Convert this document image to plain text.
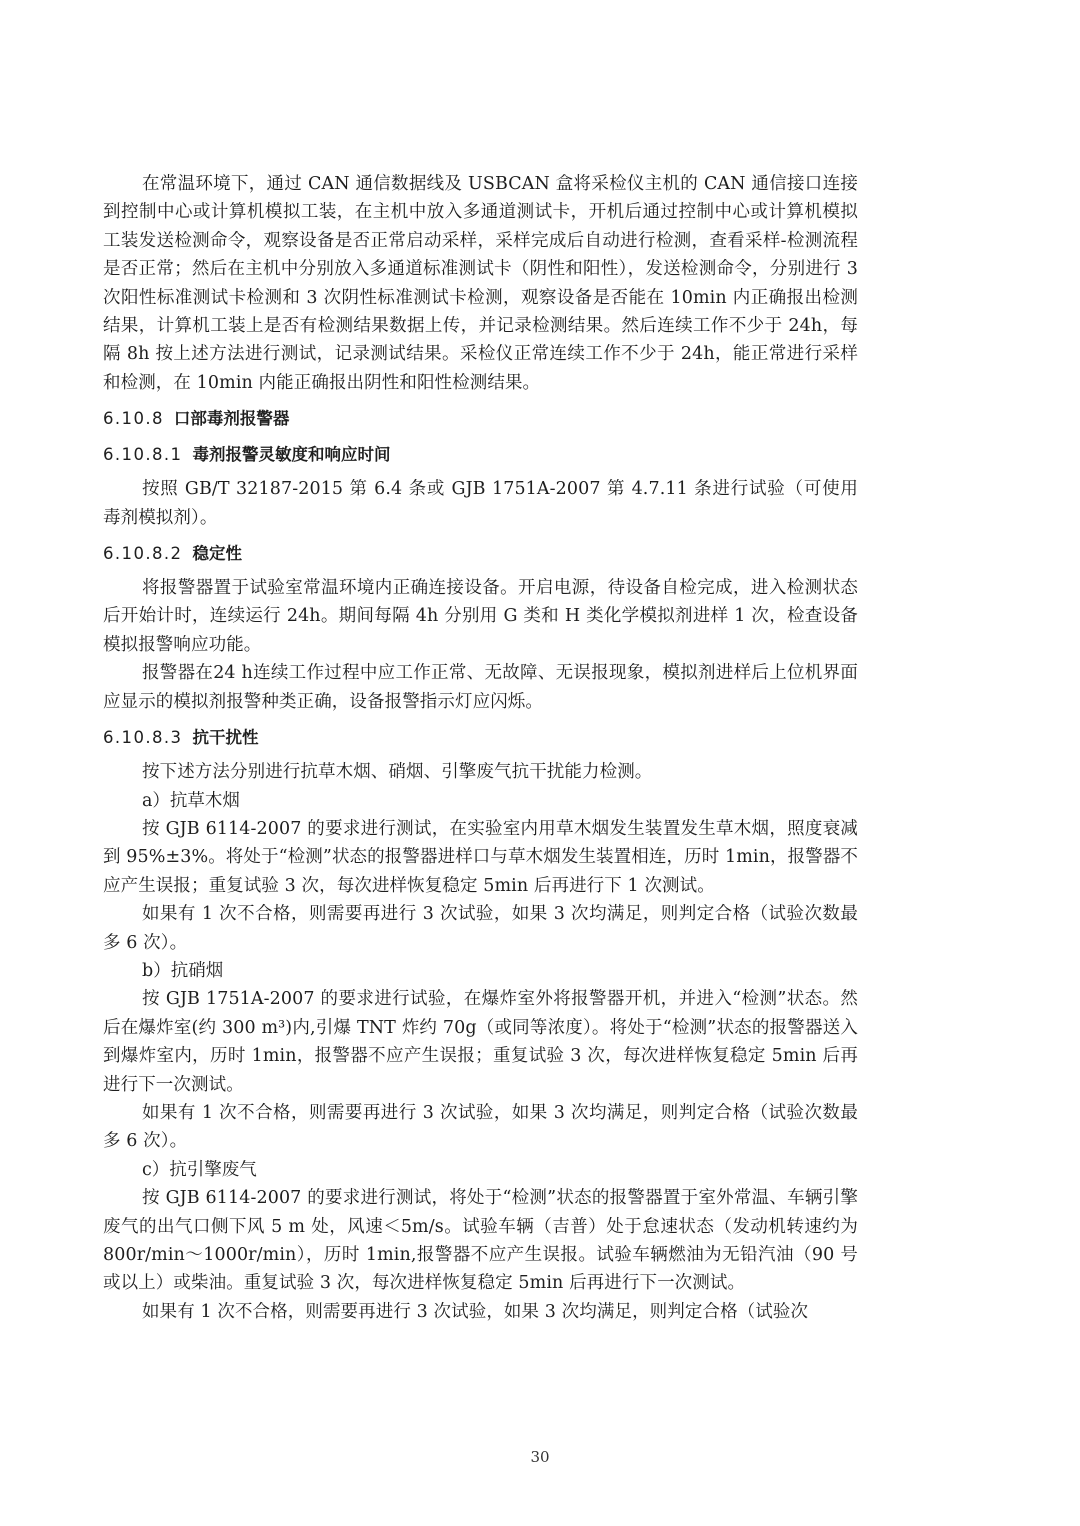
在常温环境下，通过 CAN 通信数据线及 USBCAN 盒将采检仪主机的 CAN 通信接口连接到控制中心或计算机模拟工装，在主机中放入多通道测试卡，开机后通过控制中心或计算机模拟工装发送检测命令，观察设备是否正常启动采样，采样完成后自动进行检测，查看采样-检测流程是否正常；然后在主机中分别放入多通道标准测试卡（阴性和阳性），发送检测命令，分别进行 3 次阳性标准测试卡检测和 3 次阴性标准测试卡检测，观察设备是否能在 10min 内正确报出检测结果，计算机工装上是否有检测结果数据上传，并记录检测结果。然后连续工作不少于 24h，每隔 8h 按上述方法进行测试，记录测试结果。采检仪正常连续工作不少于 24h，能正常进行采样和检测，在 10min 内能正确报出阴性和阳性检测结果。

6.10.8 口部毒剂报警器
6.10.8.1 毒剂报警灵敏度和响应时间

按照 GB/T 32187-2015 第 6.4 条或 GJB 1751A-2007 第 4.7.11 条进行试验（可使用毒剂模拟剂）。

6.10.8.2 稳定性

将报警器置于试验室常温环境内正确连接设备。开启电源，待设备自检完成，进入检测状态后开始计时，连续运行 24h。期间每隔 4h 分别用 G 类和 H 类化学模拟剂进样 1 次，检查设备模拟报警响应功能。

报警器在24 h连续工作过程中应工作正常、无故障、无误报现象，模拟剂进样后上位机界面应显示的模拟剂报警种类正确，设备报警指示灯应闪烁。

6.10.8.3 抗干扰性

按下述方法分别进行抗草木烟、硝烟、引擎废气抗干扰能力检测。

a）抗草木烟

按 GJB 6114-2007 的要求进行测试，在实验室内用草木烟发生装置发生草木烟，照度衰减到 95%±3%。将处于“检测”状态的报警器进样口与草木烟发生装置相连，历时 1min，报警器不应产生误报；重复试验 3 次，每次进样恢复稳定 5min 后再进行下 1 次测试。

如果有 1 次不合格，则需要再进行 3 次试验，如果 3 次均满足，则判定合格（试验次数最多 6 次）。

b）抗硝烟

按 GJB 1751A-2007 的要求进行试验，在爆炸室外将报警器开机，并进入“检测”状态。然后在爆炸室(约 300 m³)内,引爆 TNT 炸约 70g（或同等浓度）。将处于“检测”状态的报警器送入到爆炸室内，历时 1min，报警器不应产生误报；重复试验 3 次，每次进样恢复稳定 5min 后再进行下一次测试。

如果有 1 次不合格，则需要再进行 3 次试验，如果 3 次均满足，则判定合格（试验次数最多 6 次）。

c）抗引擎废气

按 GJB 6114-2007 的要求进行测试，将处于“检测”状态的报警器置于室外常温、车辆引擎废气的出气口侧下风 5 m 处，风速＜5m/s。试验车辆（吉普）处于怠速状态（发动机转速约为 800r/min～1000r/min），历时 1min,报警器不应产生误报。试验车辆燃油为无铅汽油（90 号或以上）或柴油。重复试验 3 次，每次进样恢复稳定 5min 后再进行下一次测试。

如果有 1 次不合格，则需要再进行 3 次试验，如果 3 次均满足，则判定合格（试验次

30
